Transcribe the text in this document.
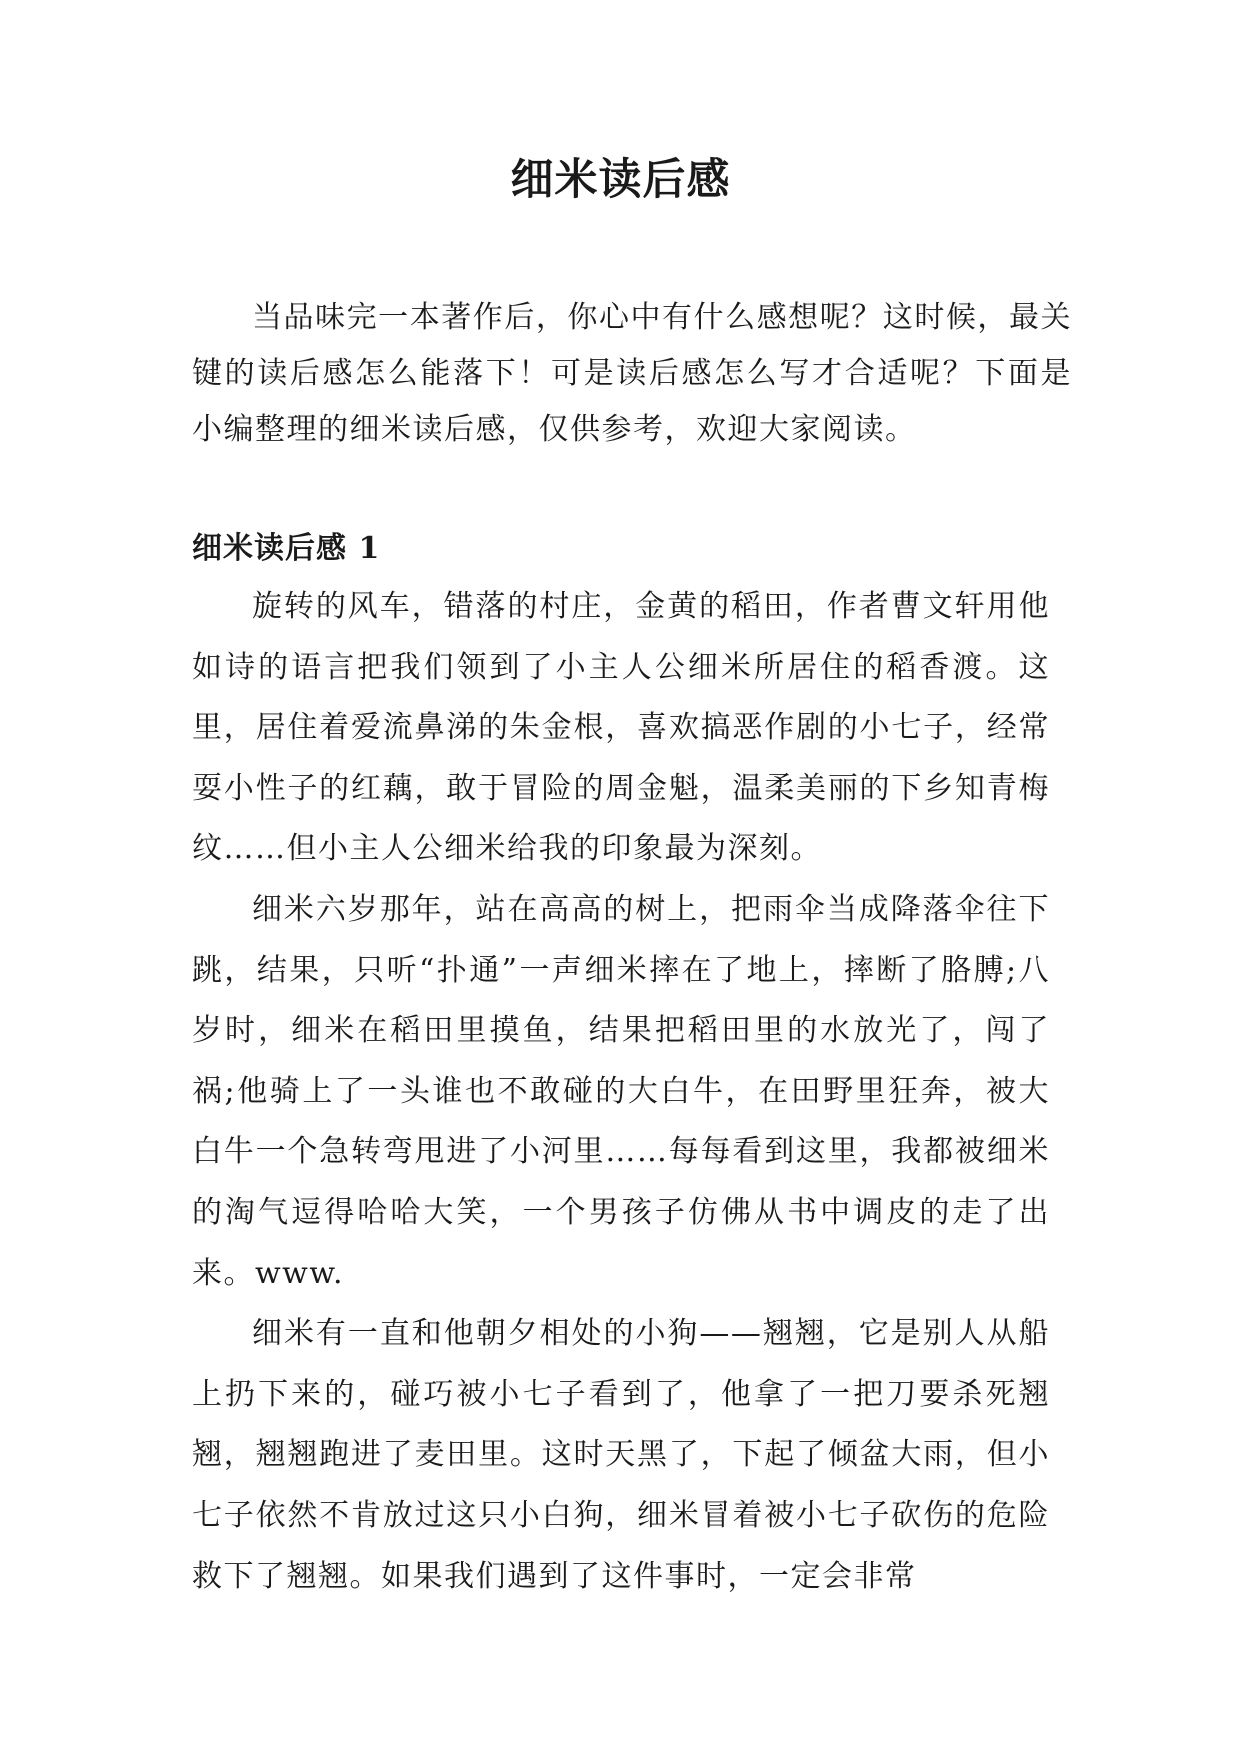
细米读后感

当品味完一本著作后，你心中有什么感想呢？这时候，最关键的读后感怎么能落下！可是读后感怎么写才合适呢？下面是小编整理的细米读后感，仅供参考，欢迎大家阅读。

细米读后感 1

旋转的风车，错落的村庄，金黄的稻田，作者曹文轩用他如诗的语言把我们领到了小主人公细米所居住的稻香渡。这里，居住着爱流鼻涕的朱金根，喜欢搞恶作剧的小七子，经常耍小性子的红藕，敢于冒险的周金魁，温柔美丽的下乡知青梅纹……但小主人公细米给我的印象最为深刻。

细米六岁那年，站在高高的树上，把雨伞当成降落伞往下跳，结果，只听“扑通”一声细米摔在了地上，摔断了胳膊;八岁时，细米在稻田里摸鱼，结果把稻田里的水放光了，闯了祸;他骑上了一头谁也不敢碰的大白牛，在田野里狂奔，被大白牛一个急转弯甩进了小河里……每每看到这里，我都被细米的淘气逗得哈哈大笑，一个男孩子仿佛从书中调皮的走了出来。www.

细米有一直和他朝夕相处的小狗——翘翘，它是别人从船上扔下来的，碰巧被小七子看到了，他拿了一把刀要杀死翘翘，翘翘跑进了麦田里。这时天黑了，下起了倾盆大雨，但小七子依然不肯放过这只小白狗，细米冒着被小七子砍伤的危险救下了翘翘。如果我们遇到了这件事时，一定会非常
